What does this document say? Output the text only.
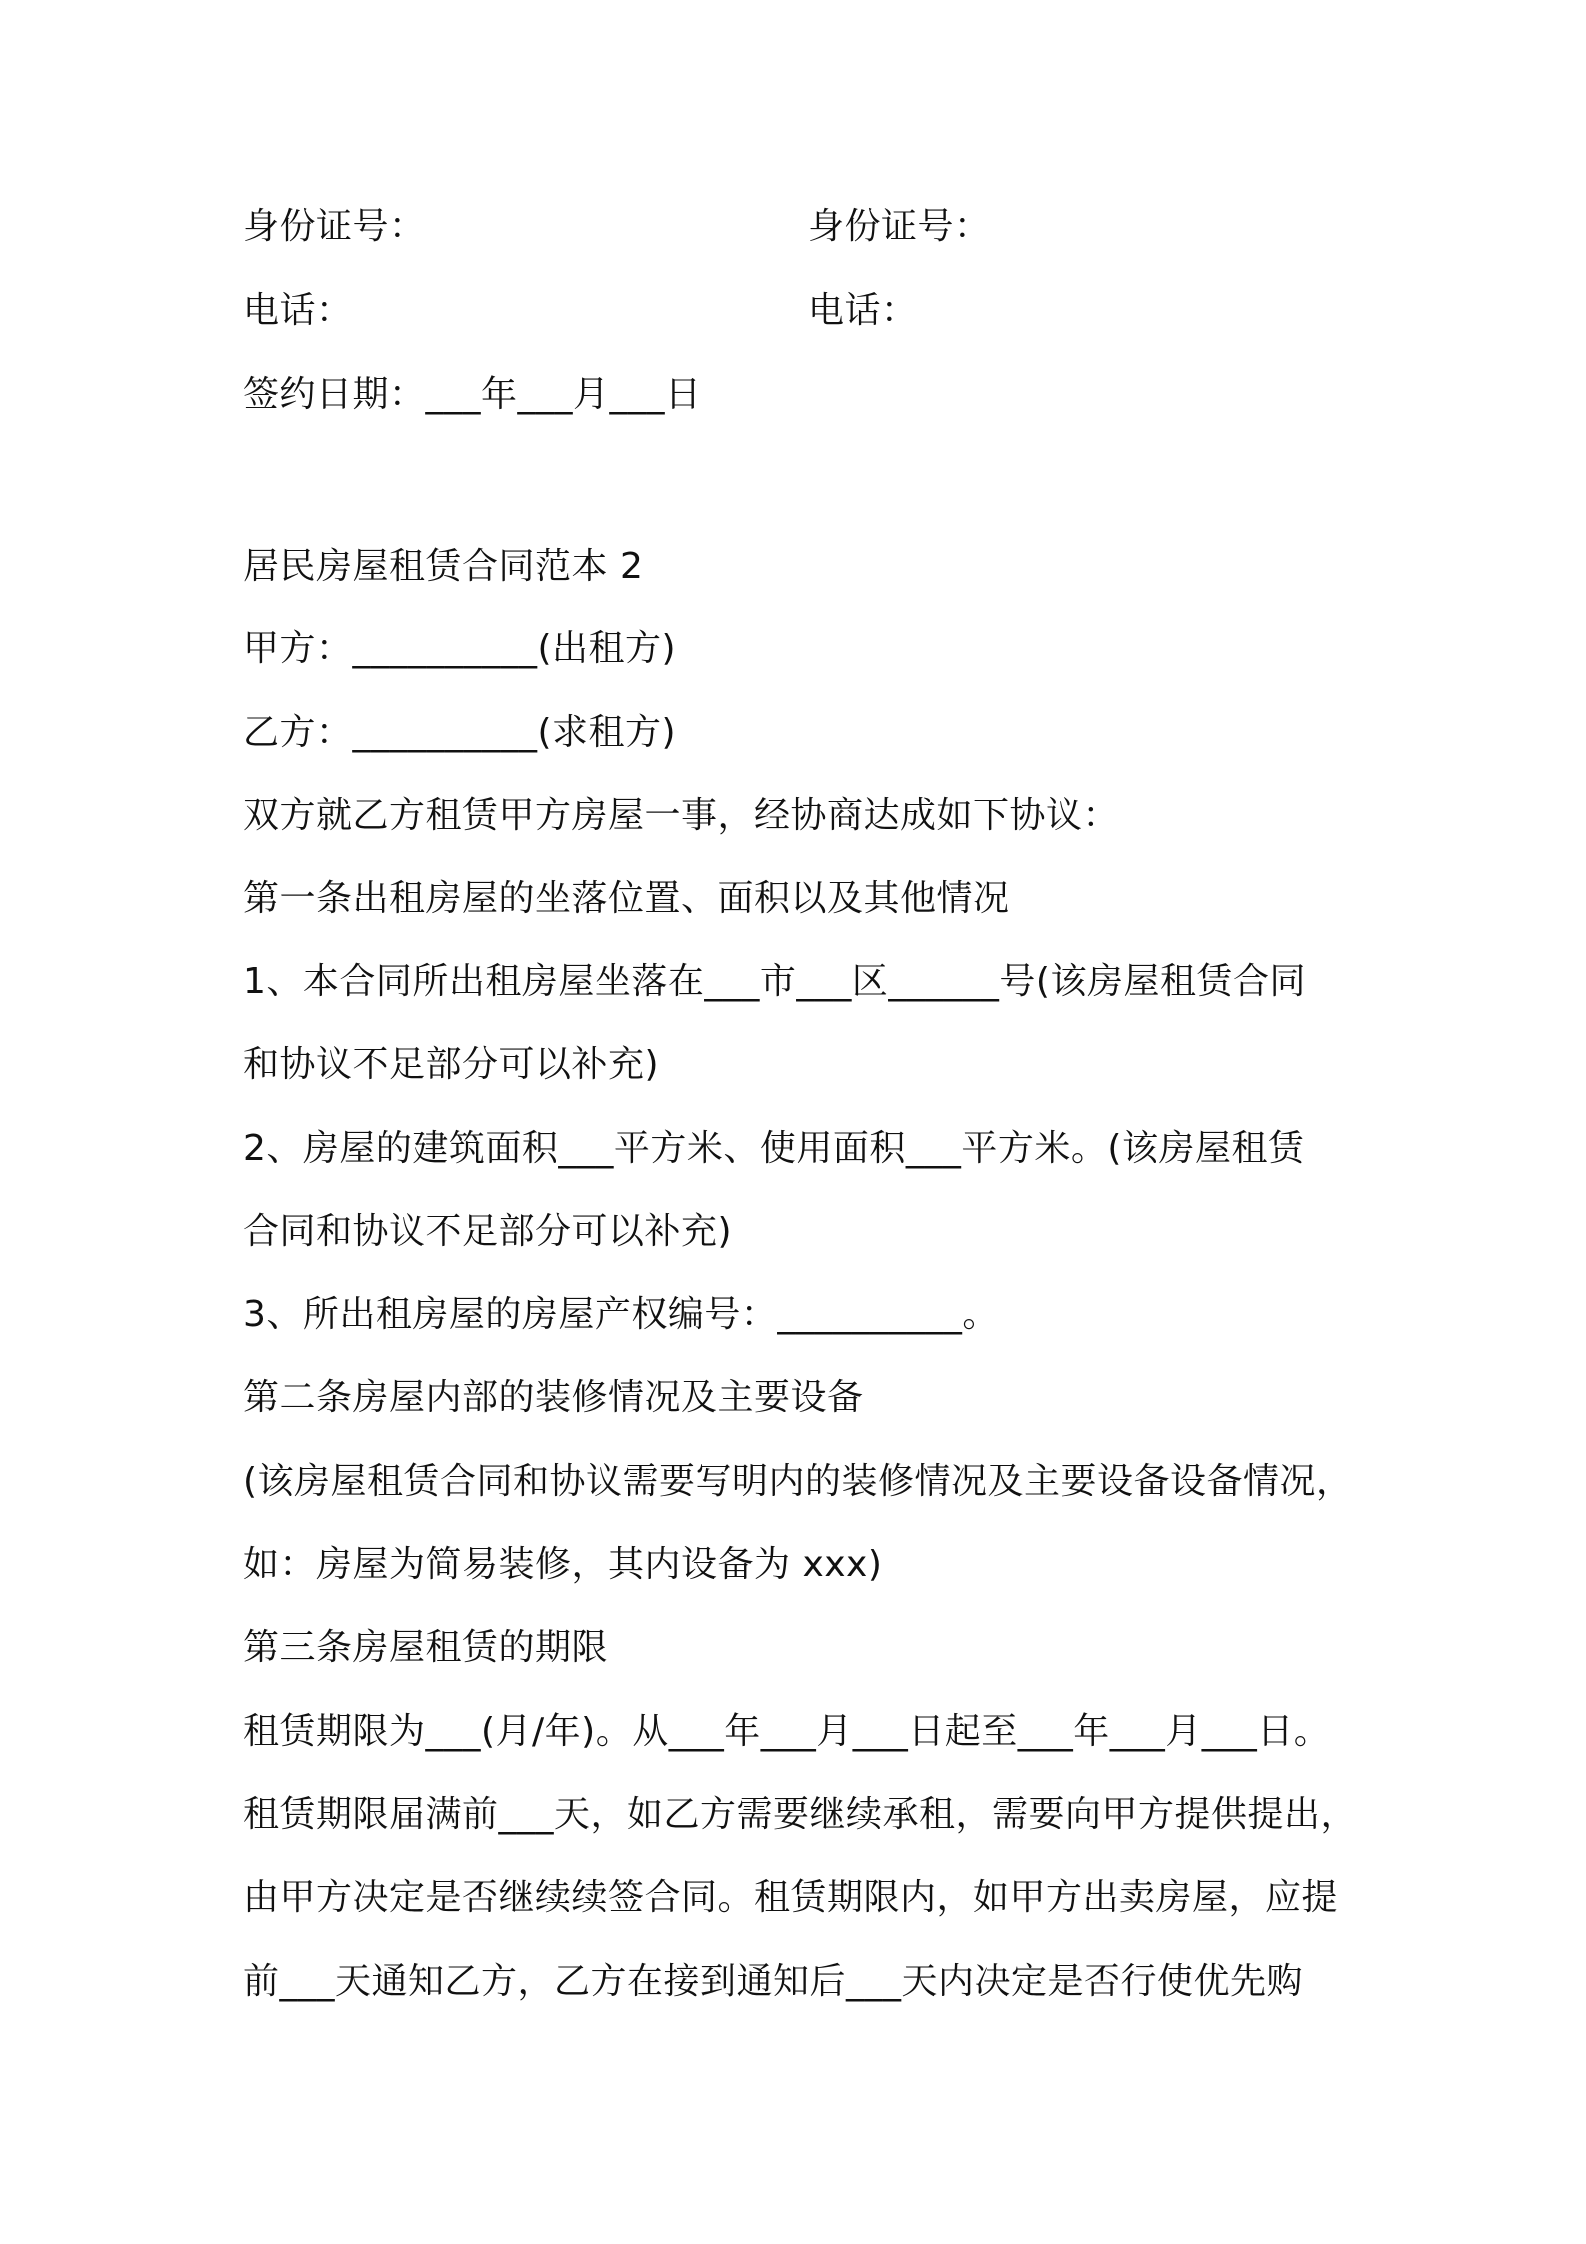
身份证号：	身份证号：
电话：	电话：
签约日期：___年___月___日
居民房屋租赁合同范本 2
甲方：__________(出租方)
乙方：__________(求租方)
双方就乙方租赁甲方房屋一事，经协商达成如下协议：
第一条出租房屋的坐落位置、面积以及其他情况
1、本合同所出租房屋坐落在___市___区______号(该房屋租赁合同
和协议不足部分可以补充)
2、房屋的建筑面积___平方米、使用面积___平方米。(该房屋租赁
合同和协议不足部分可以补充)
3、所出租房屋的房屋产权编号：__________。
第二条房屋内部的装修情况及主要设备
(该房屋租赁合同和协议需要写明内的装修情况及主要设备设备情况，
如：房屋为简易装修，其内设备为 xxx)
第三条房屋租赁的期限
租赁期限为___(月/年)。从___年___月___日起至___年___月___日。
租赁期限届满前___天，如乙方需要继续承租，需要向甲方提供提出，
由甲方决定是否继续续签合同。租赁期限内，如甲方出卖房屋，应提
前___天通知乙方，乙方在接到通知后___天内决定是否行使优先购
